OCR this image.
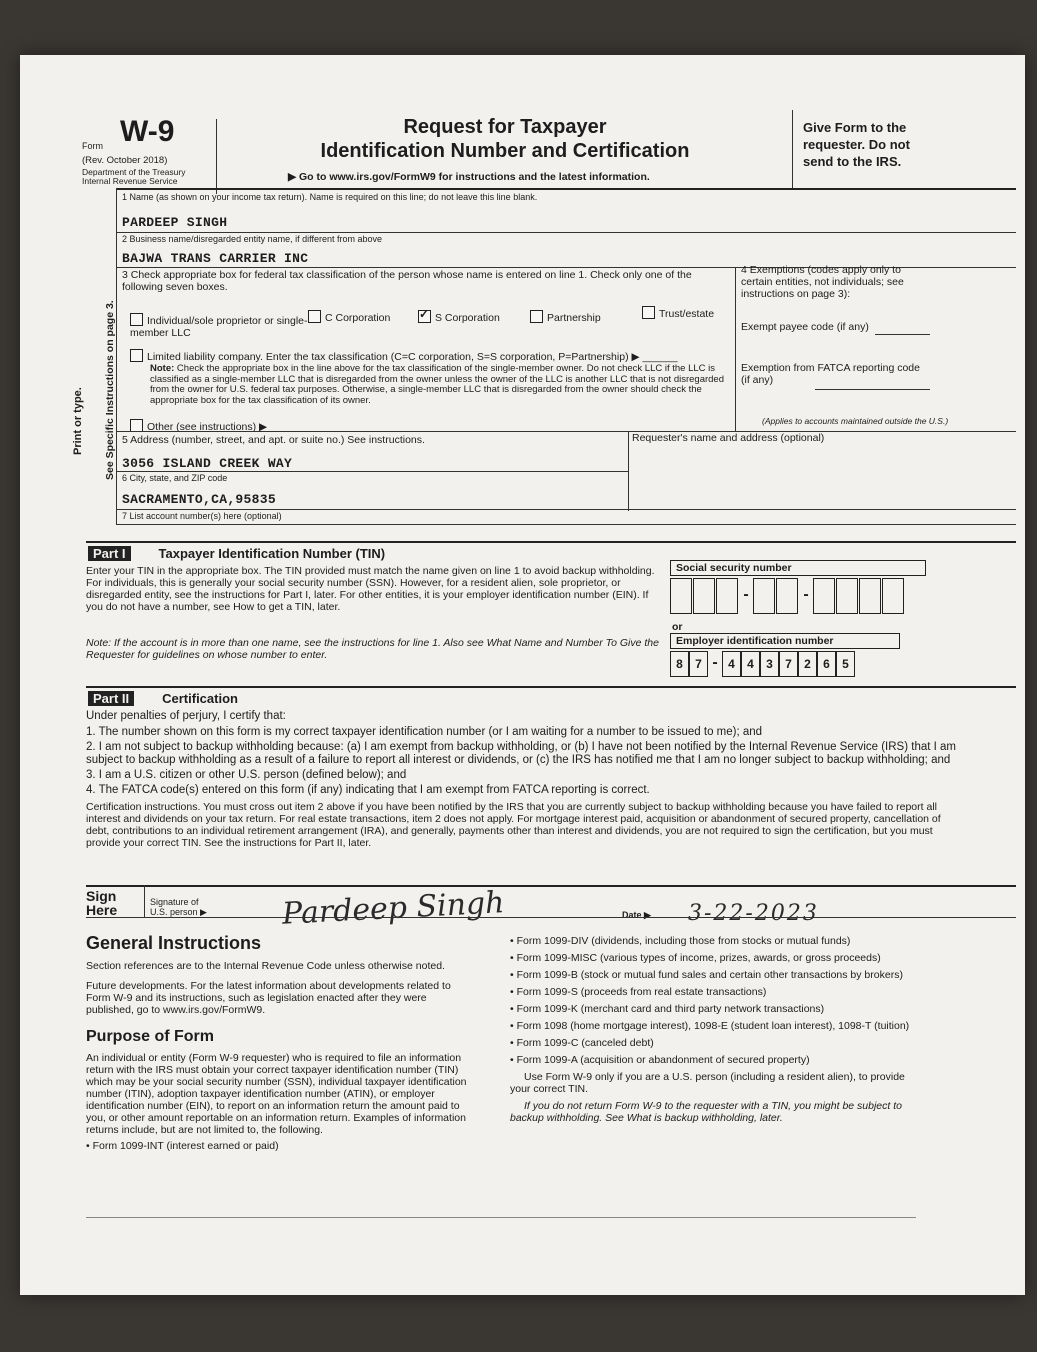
Form W-9
(Rev. October 2018)
Department of the Treasury
Internal Revenue Service
Request for Taxpayer
Identification Number and Certification
▶ Go to www.irs.gov/FormW9 for instructions and the latest information.
Give Form to the requester. Do not send to the IRS.
Print or type. See Specific Instructions on page 3.
1 Name (as shown on your income tax return). Name is required on this line; do not leave this line blank.
PARDEEP SINGH
2 Business name/disregarded entity name, if different from above
BAJWA TRANS CARRIER INC
3 Check appropriate box for federal tax classification of the person whose name is entered on line 1. Check only one of the following seven boxes.
Individual/sole proprietor or single-member LLC
C Corporation
✓	S Corporation	Partnership	Trust/estate
Limited liability company. Enter the tax classification (C=C corporation, S=S corporation, P=Partnership) ▶ ______
Note: Check the appropriate box in the line above for the tax classification of the single-member owner. Do not check LLC if the LLC is classified as a single-member LLC that is disregarded from the owner unless the owner of the LLC is another LLC that is not disregarded from the owner for U.S. federal tax purposes. Otherwise, a single-member LLC that is disregarded from the owner should check the appropriate box for the tax classification of its owner.
Other (see instructions) ▶
4 Exemptions (codes apply only to certain entities, not individuals; see instructions on page 3):
Exempt payee code (if any)
Exemption from FATCA reporting code (if any)
(Applies to accounts maintained outside the U.S.)
5 Address (number, street, and apt. or suite no.) See instructions.	Requester's name and address (optional)
3056 ISLAND CREEK WAY
6 City, state, and ZIP code
SACRAMENTO,CA,95835
7 List account number(s) here (optional)
Part I	Taxpayer Identification Number (TIN)
Enter your TIN in the appropriate box. The TIN provided must match the name given on line 1 to avoid backup withholding. For individuals, this is generally your social security number (SSN). However, for a resident alien, sole proprietor, or disregarded entity, see the instructions for Part I, later. For other entities, it is your employer identification number (EIN). If you do not have a number, see How to get a TIN, later.
Note: If the account is in more than one name, see the instructions for line 1. Also see What Name and Number To Give the Requester for guidelines on whose number to enter.
Social security number
-	-
or
Employer identification number
8	7 - 4	4	3	7	2	6	5
Part II	Certification
Under penalties of perjury, I certify that:
1. The number shown on this form is my correct taxpayer identification number (or I am waiting for a number to be issued to me); and
2. I am not subject to backup withholding because: (a) I am exempt from backup withholding, or (b) I have not been notified by the Internal Revenue Service (IRS) that I am subject to backup withholding as a result of a failure to report all interest or dividends, or (c) the IRS has notified me that I am no longer subject to backup withholding; and
3. I am a U.S. citizen or other U.S. person (defined below); and
4. The FATCA code(s) entered on this form (if any) indicating that I am exempt from FATCA reporting is correct.
Certification instructions. You must cross out item 2 above if you have been notified by the IRS that you are currently subject to backup withholding because you have failed to report all interest and dividends on your tax return. For real estate transactions, item 2 does not apply. For mortgage interest paid, acquisition or abandonment of secured property, cancellation of debt, contributions to an individual retirement arrangement (IRA), and generally, payments other than interest and dividends, you are not required to sign the certification, but you must provide your correct TIN. See the instructions for Part II, later.
Sign
Here	Signature of
U.S. person ▶ Pardeep Singh	Date ▶ 3-22-2023
General Instructions
Section references are to the Internal Revenue Code unless otherwise noted.
Future developments. For the latest information about developments related to Form W-9 and its instructions, such as legislation enacted after they were published, go to www.irs.gov/FormW9.
Purpose of Form
An individual or entity (Form W-9 requester) who is required to file an information return with the IRS must obtain your correct taxpayer identification number (TIN) which may be your social security number (SSN), individual taxpayer identification number (ITIN), adoption taxpayer identification number (ATIN), or employer identification number (EIN), to report on an information return the amount paid to you, or other amount reportable on an information return. Examples of information returns include, but are not limited to, the following.
• Form 1099-INT (interest earned or paid)
• Form 1099-DIV (dividends, including those from stocks or mutual funds)
• Form 1099-MISC (various types of income, prizes, awards, or gross proceeds)
• Form 1099-B (stock or mutual fund sales and certain other transactions by brokers)
• Form 1099-S (proceeds from real estate transactions)
• Form 1099-K (merchant card and third party network transactions)
• Form 1098 (home mortgage interest), 1098-E (student loan interest), 1098-T (tuition)
• Form 1099-C (canceled debt)
• Form 1099-A (acquisition or abandonment of secured property)
Use Form W-9 only if you are a U.S. person (including a resident alien), to provide your correct TIN.
If you do not return Form W-9 to the requester with a TIN, you might be subject to backup withholding. See What is backup withholding, later.
